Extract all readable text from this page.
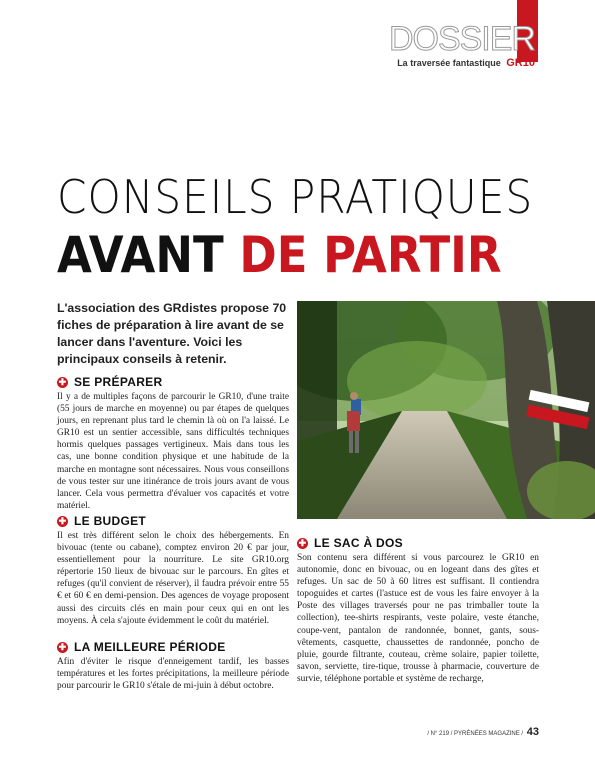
DOSSIER
La traversée fantastique GR10
CONSEILS PRATIQUES
AVANT DE PARTIR
L'association des GRdistes propose 70 fiches de préparation à lire avant de se lancer dans l'aventure. Voici les principaux conseils à retenir.
✚ SE PRÉPARER

Il y a de multiples façons de parcourir le GR10, d'une traite (55 jours de marche en moyenne) ou par étapes de quelques jours, en reprenant plus tard le chemin là où on l'a laissé. Le GR10 est un sentier accessible, sans difficultés techniques hormis quelques passages vertigineux. Mais dans tous les cas, une bonne condition physique et une habitude de la marche en montagne sont nécessaires. Nous vous conseillons de vous tester sur une itinérance de trois jours avant de vous lancer. Cela vous permettra d'évaluer vos capacités et votre matériel.

✚ LE BUDGET

Il est très différent selon le choix des hébergements. En bivouac (tente ou cabane), comptez environ 20 € par jour, essentiellement pour la nourriture. Le site GR10.org répertorie 150 lieux de bivouac sur le parcours. En gîtes et refuges (qu'il convient de réserver), il faudra prévoir entre 55 € et 60 € en demi-pension. Des agences de voyage proposent aussi des circuits clés en main pour ceux qui en ont les moyens. À cela s'ajoute évidemment le coût du matériel.

✚ LA MEILLEURE PÉRIODE

Afin d'éviter le risque d'enneigement tardif, les basses températures et les fortes précipitations, la meilleure période pour parcourir le GR10 s'étale de mi-juin à début octobre.

✚ LE SAC À DOS

Son contenu sera différent si vous parcourez le GR10 en autonomie, donc en bivouac, ou en logeant dans des gîtes et refuges. Un sac de 50 à 60 litres est suffisant. Il contiendra topoguides et cartes (l'astuce est de vous les faire envoyer à la Poste des villages traversés pour ne pas trimballer toute la collection), tee-shirts respirants, veste polaire, veste étanche, coupe-vent, pantalon de randonnée, bonnet, gants, sous-vêtements, casquette, chaussettes de randonnée, poncho de pluie, gourde filtrante, couteau, crème solaire, papier toilette, savon, serviette, tire-tique, trousse à pharmacie, couverture de survie, téléphone portable et système de recharge,

/ N° 219 / PYRÉNÉES MAGAZINE / 43
